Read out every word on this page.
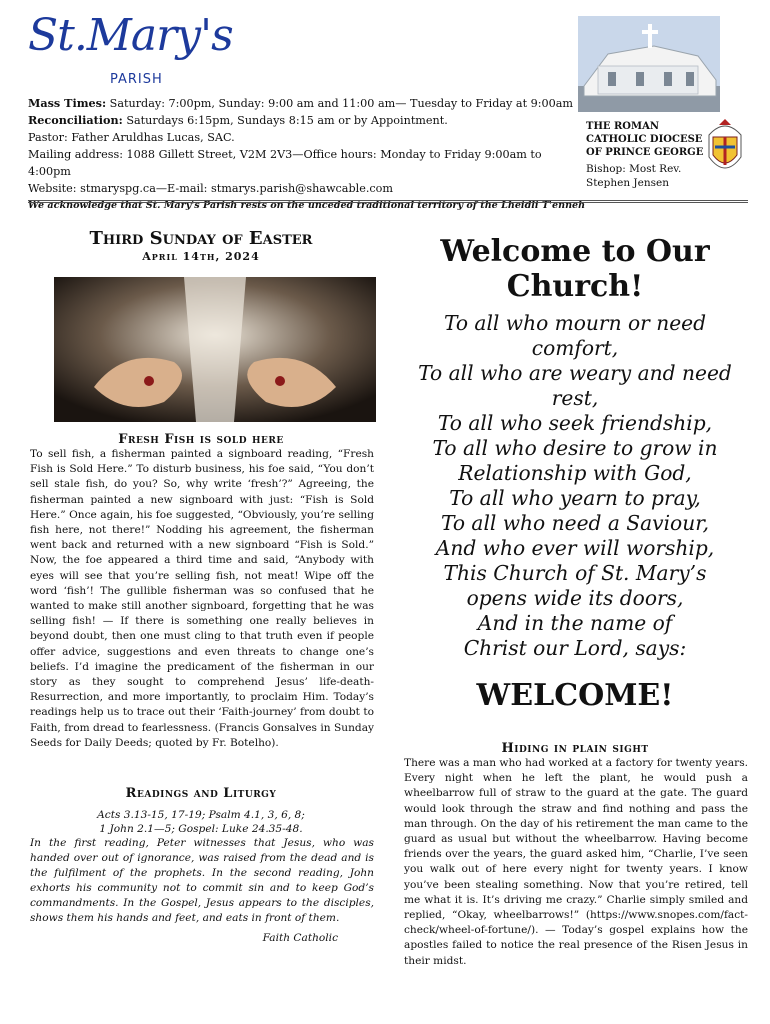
St.Mary's
PARISH
Mass Times: Saturday: 7:00pm, Sunday: 9:00 am and 11:00 am— Tuesday to Friday at 9:00am
Reconciliation: Saturdays 6:15pm, Sundays 8:15 am or by Appointment.
Pastor: Father Aruldhas Lucas, SAC.
Mailing address: 1088 Gillett Street, V2M 2V3—Office hours: Monday to Friday 9:00am to 4:00pm
Website: stmaryspg.ca—E-mail: stmarys.parish@shawcable.com
We acknowledge that St. Mary's Parish rests on the unceded traditional territory of the Lheidli T'enneh
THE ROMAN
CATHOLIC DIOCESE
OF PRINCE GEORGE
Bishop: Most Rev.
Stephen Jensen
Third Sunday of Easter
April 14th, 2024
Fresh Fish is sold here
To sell fish, a fisherman painted a signboard reading, “Fresh Fish is Sold Here.” To disturb business, his foe said, “You don’t sell stale fish, do you? So, why write ‘fresh’?” Agreeing, the fisherman painted a new signboard with just: “Fish is Sold Here.” Once again, his foe suggested, “Obviously, you’re selling fish here, not there!” Nodding his agreement, the fisherman went back and returned with a new signboard “Fish is Sold.” Now, the foe appeared a third time and said, “Anybody with eyes will see that you’re selling fish, not meat! Wipe off the word ‘fish’! The gullible fisherman was so confused that he wanted to make still another signboard, forgetting that he was selling fish! — If there is something one really believes in beyond doubt, then one must cling to that truth even if people offer advice, suggestions and even threats to change one’s beliefs. I’d imagine the predicament of the fisherman in our story as they sought to comprehend Jesus’ life-death-Resurrection, and more importantly, to proclaim Him. Today’s readings help us to trace out their ‘Faith-journey’ from doubt to Faith, from dread to fearlessness. (Francis Gonsalves in Sunday Seeds for Daily Deeds; quoted by Fr. Botelho).
Readings and Liturgy
Acts 3.13-15, 17-19; Psalm 4.1, 3, 6, 8;
1 John 2.1—5; Gospel: Luke 24.35-48.
In the first reading, Peter witnesses that Jesus, who was handed over out of ignorance, was raised from the dead and is the fulfilment of the prophets. In the second reading, John exhorts his community not to commit sin and to keep God’s commandments. In the Gospel, Jesus appears to the disciples, shows them his hands and feet, and eats in front of them.
Faith Catholic
Welcome to Our Church!
To all who mourn or need
comfort,
To all who are weary and need
rest,
To all who seek friendship,
To all who desire to grow in
Relationship with God,
To all who yearn to pray,
To all who need a Saviour,
And who ever will worship,
This Church of St. Mary’s
opens wide its doors,
And in the name of
Christ our Lord, says:
WELCOME!
Hiding in plain sight
There was a man who had worked at a factory for twenty years. Every night when he left the plant, he would push a wheelbarrow full of straw to the guard at the gate. The guard would look through the straw and find nothing and pass the man through. On the day of his retirement the man came to the guard as usual but without the wheelbarrow. Having become friends over the years, the guard asked him, “Charlie, I’ve seen you walk out of here every night for twenty years. I know you’ve been stealing something. Now that you’re retired, tell me what it is. It’s driving me crazy.” Charlie simply smiled and replied, “Okay, wheelbarrows!” (https://www.snopes.com/fact-check/wheel-of-fortune/). — Today’s gospel explains how the apostles failed to notice the real presence of the Risen Jesus in their midst.
